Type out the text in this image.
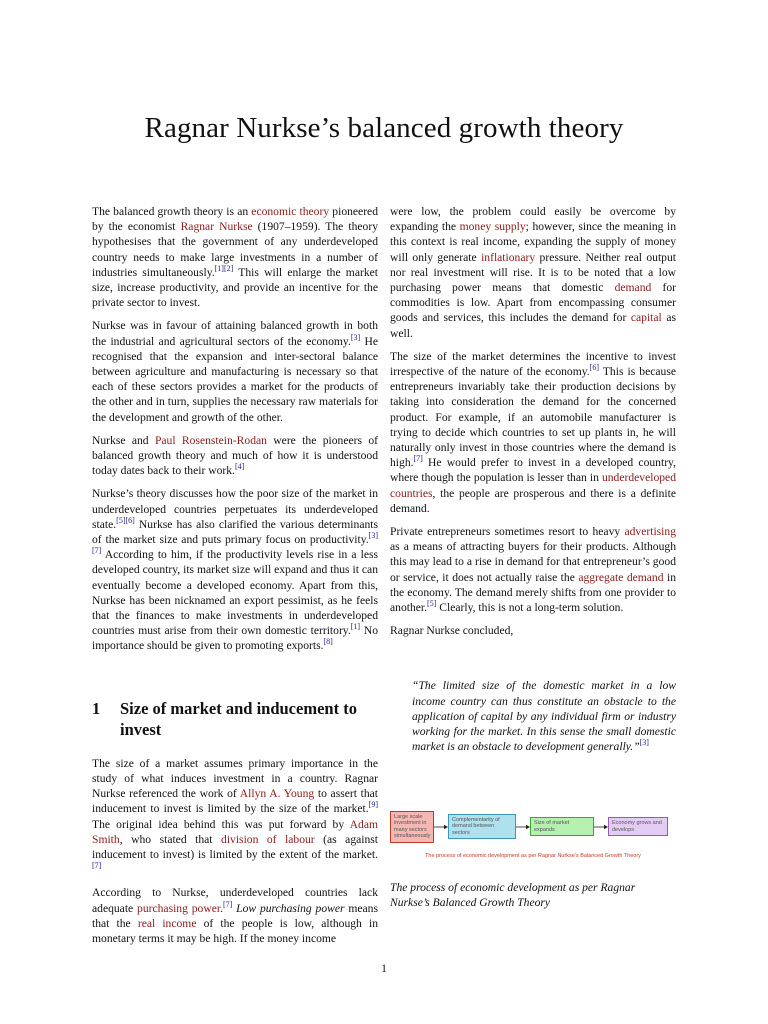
Ragnar Nurkse’s balanced growth theory

The balanced growth theory is an economic theory pioneered by the economist Ragnar Nurkse (1907–1959). The theory hypothesises that the government of any underdeveloped country needs to make large investments in a number of industries simultaneously.[1][2] This will enlarge the market size, increase productivity, and provide an incentive for the private sector to invest.

Nurkse was in favour of attaining balanced growth in both the industrial and agricultural sectors of the economy.[3] He recognised that the expansion and inter-sectoral balance between agriculture and manufacturing is necessary so that each of these sectors provides a market for the products of the other and in turn, supplies the necessary raw materials for the development and growth of the other.

Nurkse and Paul Rosenstein-Rodan were the pioneers of balanced growth theory and much of how it is understood today dates back to their work.[4]

Nurkse’s theory discusses how the poor size of the market in underdeveloped countries perpetuates its underdeveloped state.[5][6] Nurkse has also clarified the various determinants of the market size and puts primary focus on productivity.[3][7] According to him, if the productivity levels rise in a less developed country, its market size will expand and thus it can eventually become a developed economy. Apart from this, Nurkse has been nicknamed an export pessimist, as he feels that the finances to make investments in underdeveloped countries must arise from their own domestic territory.[1] No importance should be given to promoting exports.[8]

1	Size of market and inducement to invest

The size of a market assumes primary importance in the study of what induces investment in a country. Ragnar Nurkse referenced the work of Allyn A. Young to assert that inducement to invest is limited by the size of the market.[9] The original idea behind this was put forward by Adam Smith, who stated that division of labour (as against inducement to invest) is limited by the extent of the market.[7]

According to Nurkse, underdeveloped countries lack adequate purchasing power.[7] Low purchasing power means that the real income of the people is low, although in monetary terms it may be high. If the money income

were low, the problem could easily be overcome by expanding the money supply; however, since the meaning in this context is real income, expanding the supply of money will only generate inflationary pressure. Neither real output nor real investment will rise. It is to be noted that a low purchasing power means that domestic demand for commodities is low. Apart from encompassing consumer goods and services, this includes the demand for capital as well.

The size of the market determines the incentive to invest irrespective of the nature of the economy.[6] This is because entrepreneurs invariably take their production decisions by taking into consideration the demand for the concerned product. For example, if an automobile manufacturer is trying to decide which countries to set up plants in, he will naturally only invest in those countries where the demand is high.[7] He would prefer to invest in a developed country, where though the population is lesser than in underdeveloped countries, the people are prosperous and there is a definite demand.

Private entrepreneurs sometimes resort to heavy advertising as a means of attracting buyers for their products. Although this may lead to a rise in demand for that entrepreneur’s good or service, it does not actually raise the aggregate demand in the economy. The demand merely shifts from one provider to another.[5] Clearly, this is not a long-term solution.

Ragnar Nurkse concluded,

“The limited size of the domestic market in a low income country can thus constitute an obstacle to the application of capital by any individual firm or industry working for the market. In this sense the small domestic market is an obstacle to development generally.”[3]

Large scale investment in many sectors simultaneously
Complementarity of demand between sectors
Size of market expands
Economy grows and develops
The process of economic development as per Ragnar Nurkse's Balanced Growth Theory
The process of economic development as per Ragnar Nurkse’s Balanced Growth Theory
1
